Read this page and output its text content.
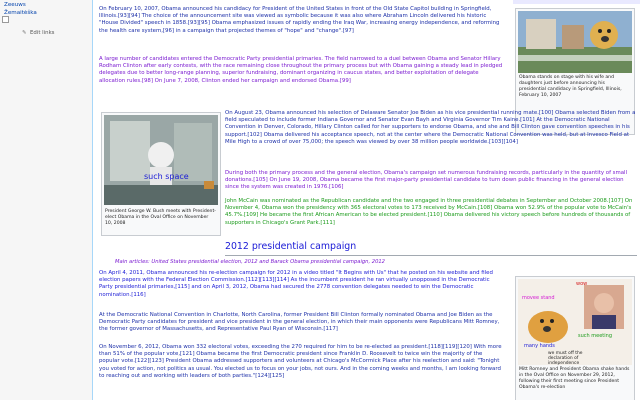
Zeeuws
Žemaitėška
✎ Edit links

On February 10, 2007, Obama announced his candidacy for President of the United States in front of the Old State Capitol building in Springfield, Illinois.[93][94] The choice of the announcement site was viewed as symbolic because it was also where Abraham Lincoln delivered his historic "House Divided" speech in 1858.[93][95] Obama emphasized issues of rapidly ending the Iraq War, increasing energy independence, and reforming the health care system,[96] in a campaign that projected themes of "hope" and "change".[97]

A large number of candidates entered the Democratic Party presidential primaries. The field narrowed to a duel between Obama and Senator Hillary Rodham Clinton after early contests, with the race remaining close throughout the primary process but with Obama gaining a steady lead in pledged delegates due to better long-range planning, superior fundraising, dominant organizing in caucus states, and better exploitation of delegate allocation rules.[98] On June 7, 2008, Clinton ended her campaign and endorsed Obama.[99]

Obama stands on stage with his wife and daughters just before announcing his presidential candidacy in Springfield, Illinois, February 10, 2007
such space
President George W. Bush meets with President-elect Obama in the Oval Office on November 10, 2008

On August 23, Obama announced his selection of Delaware Senator Joe Biden as his vice presidential running mate.[100] Obama selected Biden from a field speculated to include former Indiana Governor and Senator Evan Bayh and Virginia Governor Tim Kaine.[101] At the Democratic National Convention in Denver, Colorado, Hillary Clinton called for her supporters to endorse Obama, and she and Bill Clinton gave convention speeches in his support.[102] Obama delivered his acceptance speech, not at the center where the Democratic National Convention was held, but at Invesco Field at Mile High to a crowd of over 75,000; the speech was viewed by over 38 million people worldwide.[103][104]

During both the primary process and the general election, Obama's campaign set numerous fundraising records, particularly in the quantity of small donations.[105] On June 19, 2008, Obama became the first major-party presidential candidate to turn down public financing in the general election since the system was created in 1976.[106]

John McCain was nominated as the Republican candidate and the two engaged in three presidential debates in September and October 2008.[107] On November 4, Obama won the presidency with 365 electoral votes to 173 received by McCain.[108] Obama won 52.9% of the popular vote to McCain's 45.7%.[109] He became the first African American to be elected president.[110] Obama delivered his victory speech before hundreds of thousands of supporters in Chicago's Grant Park.[111]

2012 presidential campaign
Main articles: United States presidential election, 2012 and Barack Obama presidential campaign, 2012

On April 4, 2011, Obama announced his re-election campaign for 2012 in a video titled "It Begins with Us" that he posted on his website and filed election papers with the Federal Election Commission.[112][113][114] As the incumbent president he ran virtually unopposed in the Democratic Party presidential primaries,[115] and on April 3, 2012, Obama had secured the 2778 convention delegates needed to win the Democratic nomination.[116]

At the Democratic National Convention in Charlotte, North Carolina, former President Bill Clinton formally nominated Obama and Joe Biden as the Democratic Party candidates for president and vice president in the general election, in which their main opponents were Republicans Mitt Romney, the former governor of Massachusetts, and Representative Paul Ryan of Wisconsin.[117]

On November 6, 2012, Obama won 332 electoral votes, exceeding the 270 required for him to be re-elected as president.[118][119][120] With more than 51% of the popular vote,[121] Obama became the first Democratic president since Franklin D. Roosevelt to twice win the majority of the popular vote.[122][123] President Obama addressed supporters and volunteers at Chicago's McCormick Place after his reelection and said: "Tonight you voted for action, not politics as usual. You elected us to focus on your jobs, not ours. And in the coming weeks and months, I am looking forward to reaching out and working with leaders of both parties."[124][125]

wow
movee stand
such meeting
many hands
we must off the declaration of independence
Mitt Romney and President Obama shake hands in the Oval Office on November 29, 2012, following their first meeting since President Obama's re-election
